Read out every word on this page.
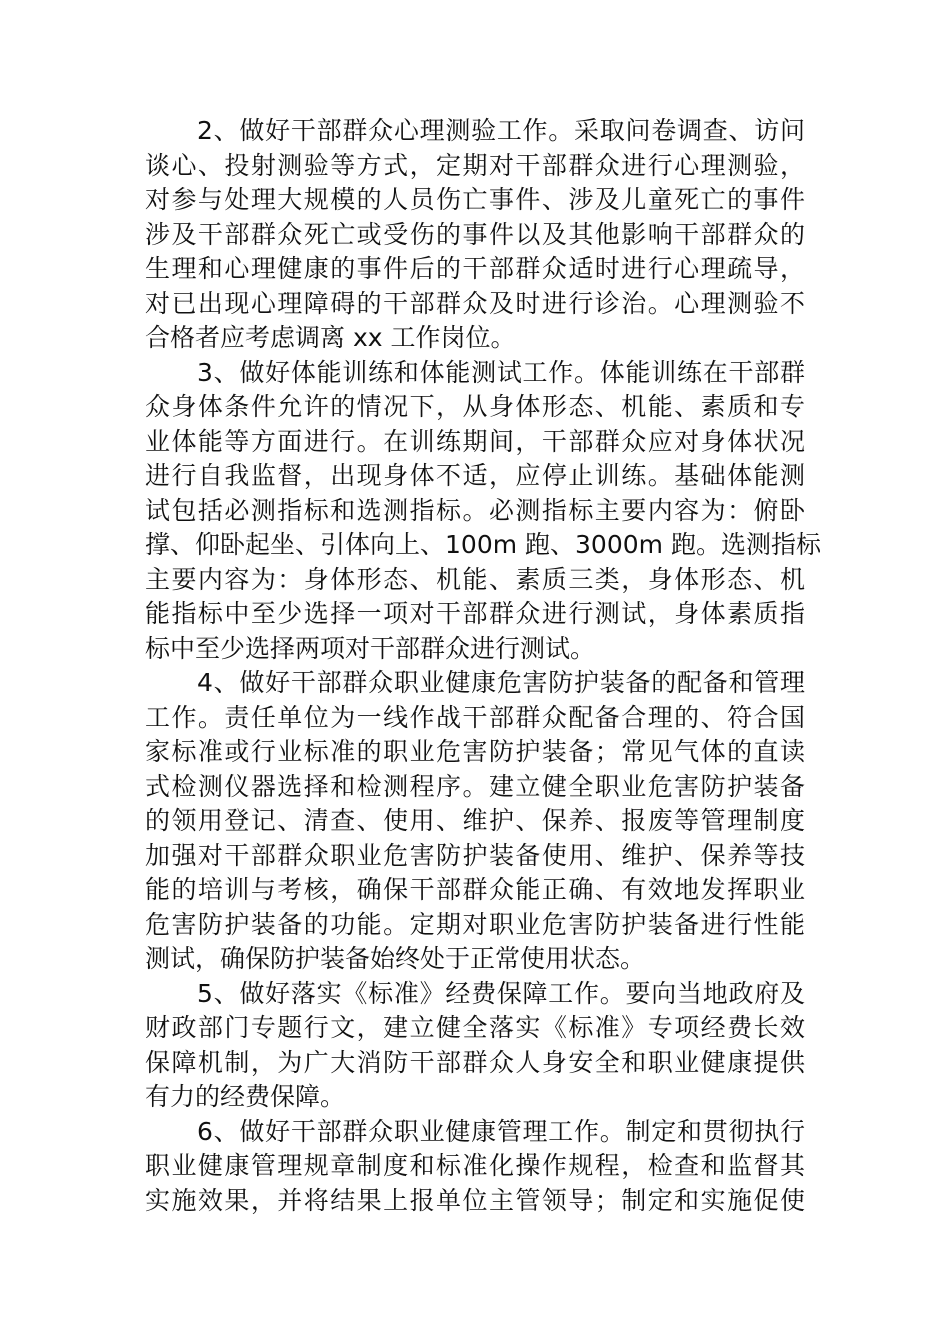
2、做好干部群众心理测验工作。采取问卷调查、访问
谈心、投射测验等方式，定期对干部群众进行心理测验，
对参与处理大规模的人员伤亡事件、涉及儿童死亡的事件
涉及干部群众死亡或受伤的事件以及其他影响干部群众的
生理和心理健康的事件后的干部群众适时进行心理疏导，
对已出现心理障碍的干部群众及时进行诊治。心理测验不
合格者应考虑调离 xx 工作岗位。
3、做好体能训练和体能测试工作。体能训练在干部群
众身体条件允许的情况下，从身体形态、机能、素质和专
业体能等方面进行。在训练期间，干部群众应对身体状况
进行自我监督，出现身体不适，应停止训练。基础体能测
试包括必测指标和选测指标。必测指标主要内容为：俯卧
撑、仰卧起坐、引体向上、100m 跑、3000m 跑。选测指标
主要内容为：身体形态、机能、素质三类，身体形态、机
能指标中至少选择一项对干部群众进行测试，身体素质指
标中至少选择两项对干部群众进行测试。
4、做好干部群众职业健康危害防护装备的配备和管理
工作。责任单位为一线作战干部群众配备合理的、符合国
家标准或行业标准的职业危害防护装备；常见气体的直读
式检测仪器选择和检测程序。建立健全职业危害防护装备
的领用登记、清查、使用、维护、保养、报废等管理制度
加强对干部群众职业危害防护装备使用、维护、保养等技
能的培训与考核，确保干部群众能正确、有效地发挥职业
危害防护装备的功能。定期对职业危害防护装备进行性能
测试，确保防护装备始终处于正常使用状态。
5、做好落实《标准》经费保障工作。要向当地政府及
财政部门专题行文，建立健全落实《标准》专项经费长效
保障机制，为广大消防干部群众人身安全和职业健康提供
有力的经费保障。
6、做好干部群众职业健康管理工作。制定和贯彻执行
职业健康管理规章制度和标准化操作规程，检查和监督其
实施效果，并将结果上报单位主管领导；制定和实施促使
